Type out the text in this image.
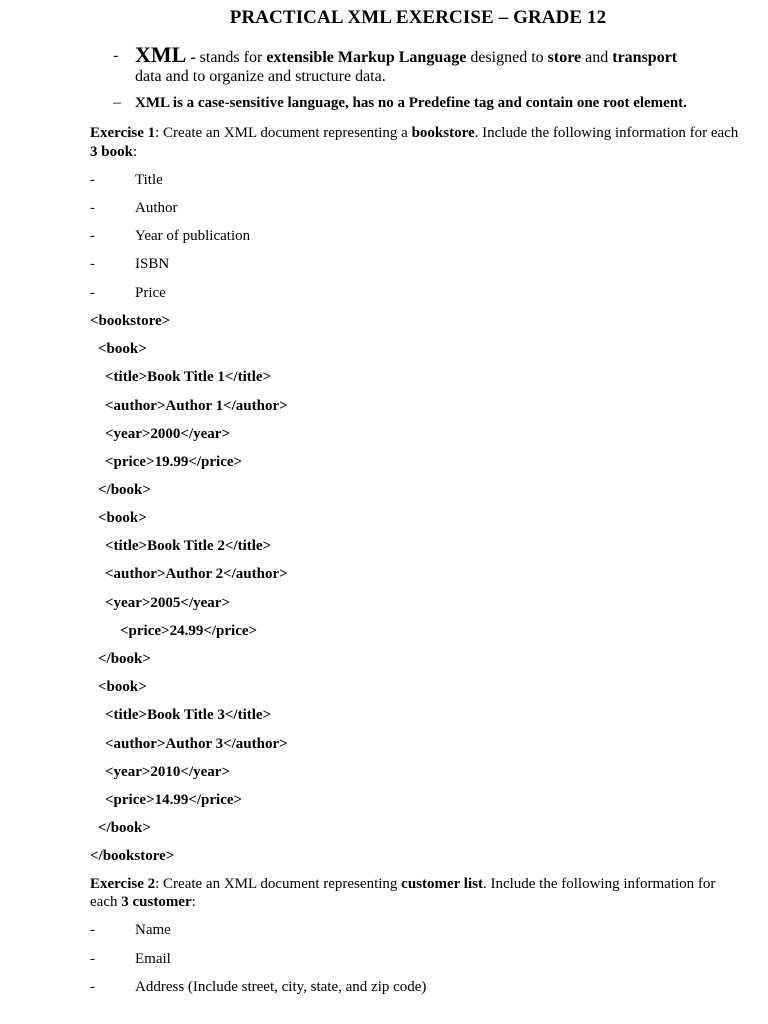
PRACTICAL XML EXERCISE – GRADE 12
- XML - stands for extensible Markup Language designed to store and transport
data and to organize and structure data.
– XML is a case-sensitive language, has no a Predefine tag and contain one root element.
Exercise 1: Create an XML document representing a bookstore. Include the following information for each
3 book:
-	Title
-	Author
-	Year of publication
-	ISBN
-	Price
<bookstore>
<book>
<title>Book Title 1</title>
<author>Author 1</author>
<year>2000</year>
<price>19.99</price>
</book>
<book>
<title>Book Title 2</title>
<author>Author 2</author>
<year>2005</year>
<price>24.99</price>
</book>
<book>
<title>Book Title 3</title>
<author>Author 3</author>
<year>2010</year>
<price>14.99</price>
</book>
</bookstore>
Exercise 2: Create an XML document representing customer list. Include the following information for
each 3 customer:
-	Name
-	Email
-	Address (Include street, city, state, and zip code)
